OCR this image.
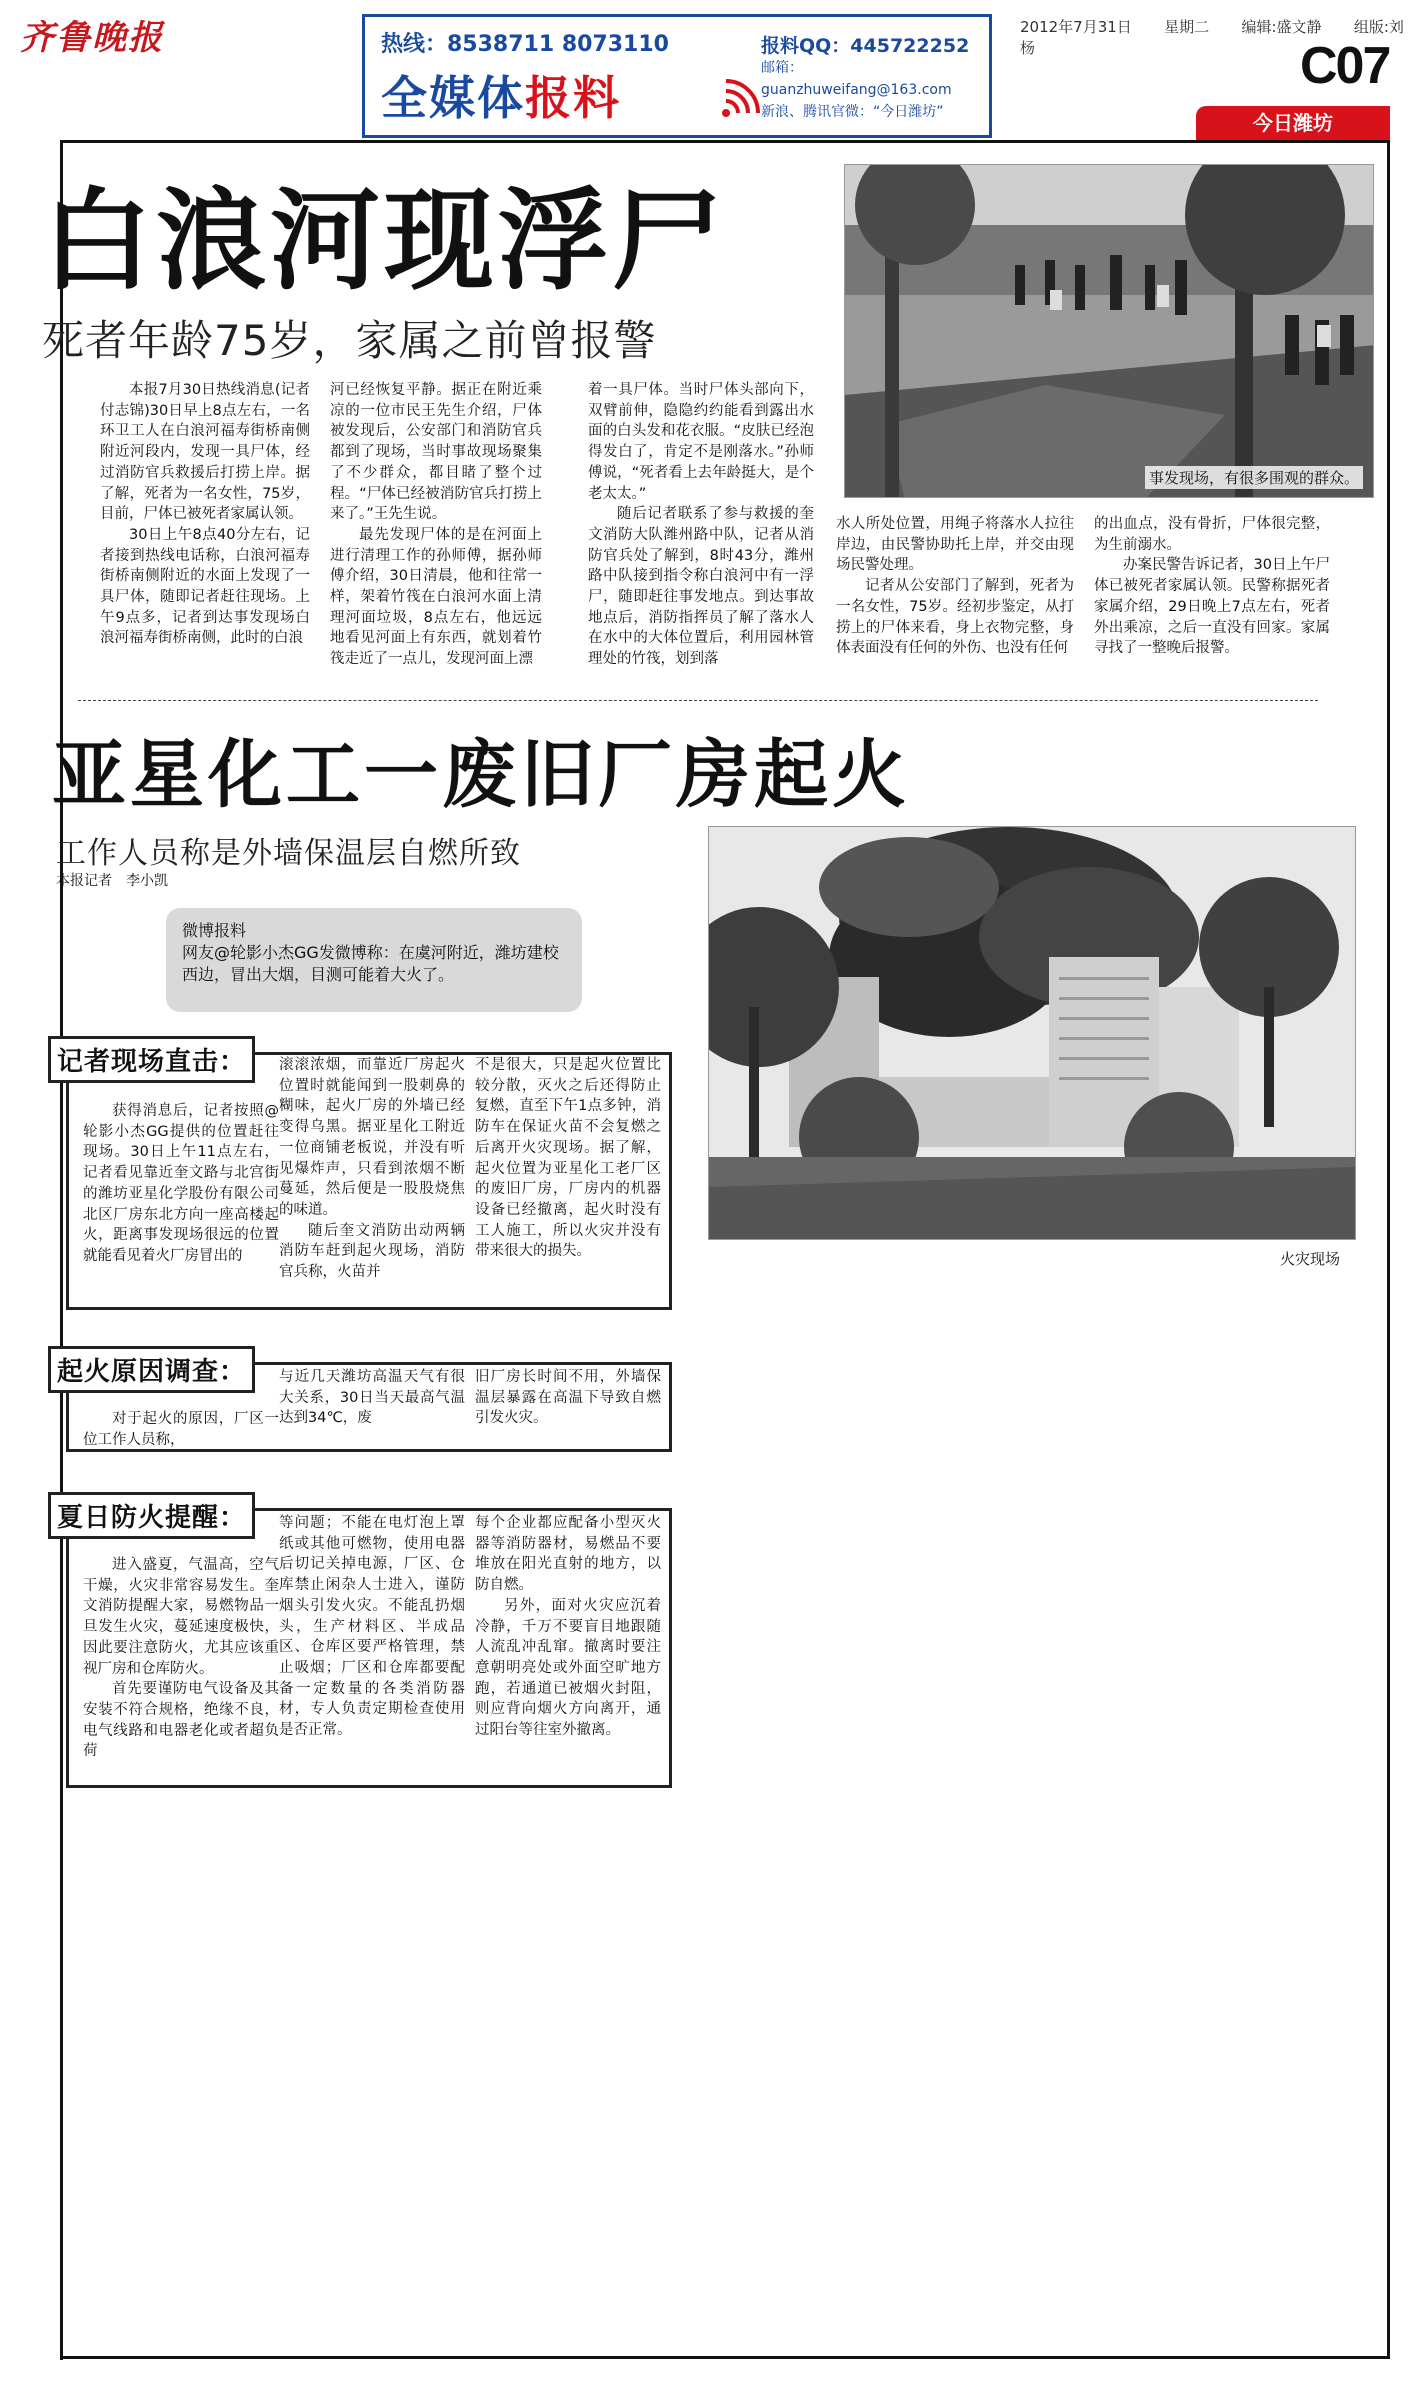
齐鲁晚报	热线：8538711 8073110
全媒体报料
报料QQ：445722252
邮箱：guanzhuweifang@163.com
新浪、腾讯官微：“今日潍坊”
2012年7月31日 星期二 编辑:盛文静 组版:刘杨	C07
今日潍坊
白浪河现浮尸
死者年龄75岁，家属之前曾报警
事发现场，有很多围观的群众。

本报7月30日热线消息(记者 付志锦)30日早上8点左右，一名环卫工人在白浪河福寿街桥南侧附近河段内，发现一具尸体，经过消防官兵救援后打捞上岸。据了解，死者为一名女性，75岁，目前，尸体已被死者家属认领。

30日上午8点40分左右，记者接到热线电话称，白浪河福寿街桥南侧附近的水面上发现了一具尸体，随即记者赶往现场。上午9点多，记者到达事发现场白浪河福寿街桥南侧，此时的白浪

河已经恢复平静。据正在附近乘凉的一位市民王先生介绍，尸体被发现后，公安部门和消防官兵都到了现场，当时事故现场聚集了不少群众，都目睹了整个过程。“尸体已经被消防官兵打捞上来了。”王先生说。

最先发现尸体的是在河面上进行清理工作的孙师傅，据孙师傅介绍，30日清晨，他和往常一样，架着竹筏在白浪河水面上清理河面垃圾，8点左右，他远远地看见河面上有东西，就划着竹筏走近了一点儿，发现河面上漂

着一具尸体。当时尸体头部向下，双臂前伸，隐隐约约能看到露出水面的白头发和花衣服。“皮肤已经泡得发白了，肯定不是刚落水。”孙师傅说，“死者看上去年龄挺大，是个老太太。”

随后记者联系了参与救援的奎文消防大队潍州路中队，记者从消防官兵处了解到，8时43分，潍州路中队接到指令称白浪河中有一浮尸，随即赶往事发地点。到达事故地点后，消防指挥员了解了落水人在水中的大体位置后，利用园林管理处的竹筏，划到落

水人所处位置，用绳子将落水人拉往岸边，由民警协助托上岸，并交由现场民警处理。

记者从公安部门了解到，死者为一名女性，75岁。经初步鉴定，从打捞上的尸体来看，身上衣物完整，身体表面没有任何的外伤、也没有任何

的出血点，没有骨折，尸体很完整，为生前溺水。

办案民警告诉记者，30日上午尸体已被死者家属认领。民警称据死者家属介绍，29日晚上7点左右，死者外出乘凉，之后一直没有回家。家属寻找了一整晚后报警。

亚星化工一废旧厂房起火
工作人员称是外墙保温层自燃所致
本报记者　李小凯
微博报料
网友@轮影小杰GG发微博称：在虞河附近，潍坊建校西边，冒出大烟，目测可能着大火了。
火灾现场

获得消息后，记者按照@轮影小杰GG提供的位置赶往现场。30日上午11点左右，记者看见靠近奎文路与北宫街的潍坊亚星化学股份有限公司北区厂房东北方向一座高楼起火，距离事发现场很远的位置就能看见着火厂房冒出的

滚滚浓烟，而靠近厂房起火位置时就能闻到一股刺鼻的糊味，起火厂房的外墙已经变得乌黑。据亚星化工附近一位商铺老板说，并没有听见爆炸声，只看到浓烟不断蔓延，然后便是一股股烧焦的味道。

随后奎文消防出动两辆消防车赶到起火现场，消防官兵称，火苗并

不是很大，只是起火位置比较分散，灭火之后还得防止复燃，直至下午1点多钟，消防车在保证火苗不会复燃之后离开火灾现场。据了解，起火位置为亚星化工老厂区的废旧厂房，厂房内的机器设备已经撤离，起火时没有工人施工，所以火灾并没有带来很大的损失。

记者现场直击：

对于起火的原因，厂区一位工作人员称，

与近几天潍坊高温天气有很大关系，30日当天最高气温达到34℃，废

旧厂房长时间不用，外墙保温层暴露在高温下导致自燃引发火灾。

起火原因调查：

进入盛夏，气温高，空气干燥，火灾非常容易发生。奎文消防提醒大家，易燃物品一旦发生火灾，蔓延速度极快，因此要注意防火，尤其应该重视厂房和仓库防火。

首先要谨防电气设备及其安装不符合规格，绝缘不良，电气线路和电器老化或者超负荷

等问题；不能在电灯泡上罩纸或其他可燃物，使用电器后切记关掉电源，厂区、仓库禁止闲杂人士进入，谨防烟头引发火灾。不能乱扔烟头，生产材料区、半成品区、仓库区要严格管理，禁止吸烟；厂区和仓库都要配备一定数量的各类消防器材，专人负责定期检查使用是否正常。

每个企业都应配备小型灭火器等消防器材，易燃品不要堆放在阳光直射的地方，以防自燃。

另外，面对火灾应沉着冷静，千万不要盲目地跟随人流乱冲乱窜。撤离时要注意朝明亮处或外面空旷地方跑，若通道已被烟火封阻，则应背向烟火方向离开，通过阳台等往室外撤离。

夏日防火提醒：
